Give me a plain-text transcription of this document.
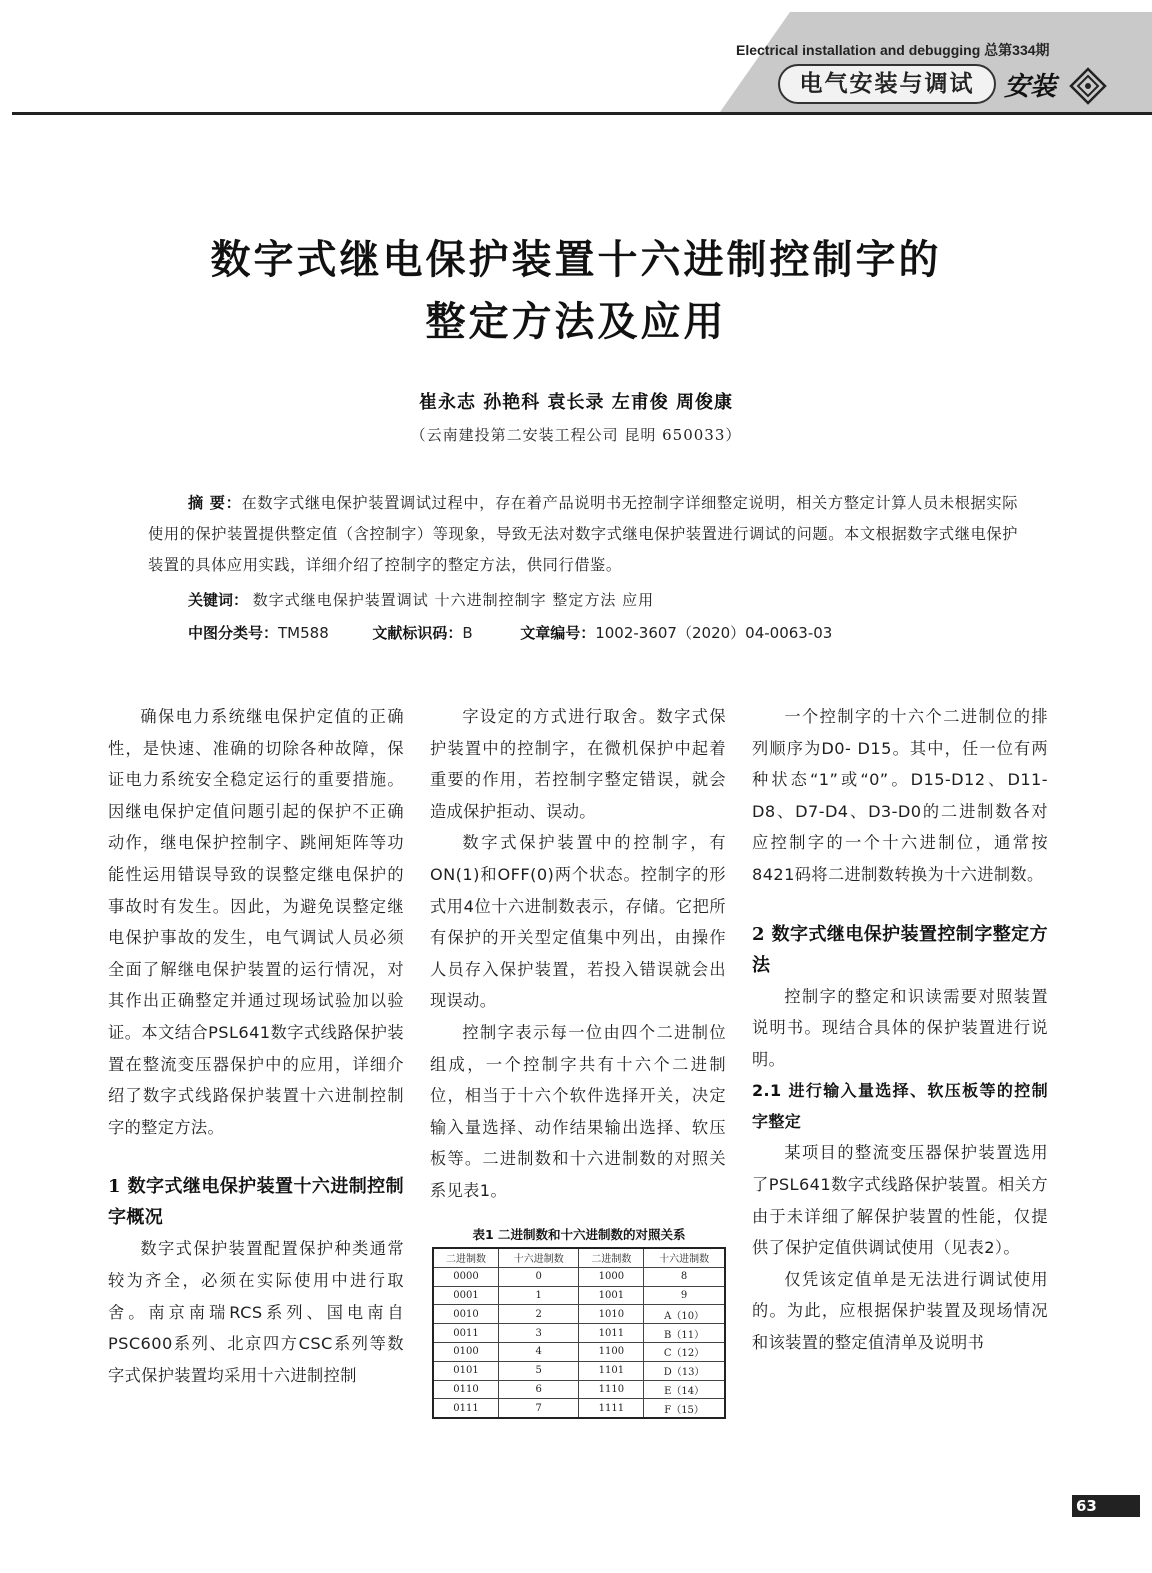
Electrical installation and debugging 总第334期
电气安装与调试	安装
数字式继电保护装置十六进制控制字的
整定方法及应用
崔永志 孙艳科 袁长录 左甫俊 周俊康
（云南建投第二安装工程公司 昆明 650033）
摘 要：在数字式继电保护装置调试过程中，存在着产品说明书无控制字详细整定说明，相关方整定计算人员未根据实际使用的保护装置提供整定值（含控制字）等现象，导致无法对数字式继电保护装置进行调试的问题。本文根据数字式继电保护装置的具体应用实践，详细介绍了控制字的整定方法，供同行借鉴。
关键词： 数字式继电保护装置调试 十六进制控制字 整定方法 应用
中图分类号：TM588	文献标识码：B	文章编号：1002-3607（2020）04-0063-03

确保电力系统继电保护定值的正确性，是快速、准确的切除各种故障，保证电力系统安全稳定运行的重要措施。因继电保护定值问题引起的保护不正确动作，继电保护控制字、跳闸矩阵等功能性运用错误导致的误整定继电保护的事故时有发生。因此，为避免误整定继电保护事故的发生，电气调试人员必须全面了解继电保护装置的运行情况，对其作出正确整定并通过现场试验加以验证。本文结合PSL641数字式线路保护装置在整流变压器保护中的应用，详细介绍了数字式线路保护装置十六进制控制字的整定方法。

1 数字式继电保护装置十六进制控制字概况

数字式保护装置配置保护种类通常较为齐全，必须在实际使用中进行取舍。南京南瑞RCS系列、国电南自PSC600系列、北京四方CSC系列等数字式保护装置均采用十六进制控制

字设定的方式进行取舍。数字式保护装置中的控制字，在微机保护中起着重要的作用，若控制字整定错误，就会造成保护拒动、误动。

数字式保护装置中的控制字，有ON(1)和OFF(0)两个状态。控制字的形式用4位十六进制数表示，存储。它把所有保护的开关型定值集中列出，由操作人员存入保护装置，若投入错误就会出现误动。

控制字表示每一位由四个二进制位组成，一个控制字共有十六个二进制位，相当于十六个软件选择开关，决定输入量选择、动作结果输出选择、软压板等。二进制数和十六进制数的对照关系见表1。

表1 二进制数和十六进制数的对照关系
二进制数	十六进制数	二进制数	十六进制数
0000	0	1000	8
0001	1	1001	9
0010	2	1010	A（10）
0011	3	1011	B（11）
0100	4	1100	C（12）
0101	5	1101	D（13）
0110	6	1110	E（14）
0111	7	1111	F（15）

一个控制字的十六个二进制位的排列顺序为D0- D15。其中，任一位有两种状态“1”或“0”。D15-D12、D11-D8、D7-D4、D3-D0的二进制数各对应控制字的一个十六进制位，通常按8421码将二进制数转换为十六进制数。

2 数字式继电保护装置控制字整定方法

控制字的整定和识读需要对照装置说明书。现结合具体的保护装置进行说明。

2.1 进行输入量选择、软压板等的控制字整定

某项目的整流变压器保护装置选用了PSL641数字式线路保护装置。相关方由于未详细了解保护装置的性能，仅提供了保护定值供调试使用（见表2）。

仅凭该定值单是无法进行调试使用的。为此，应根据保护装置及现场情况和该装置的整定值清单及说明书

63
